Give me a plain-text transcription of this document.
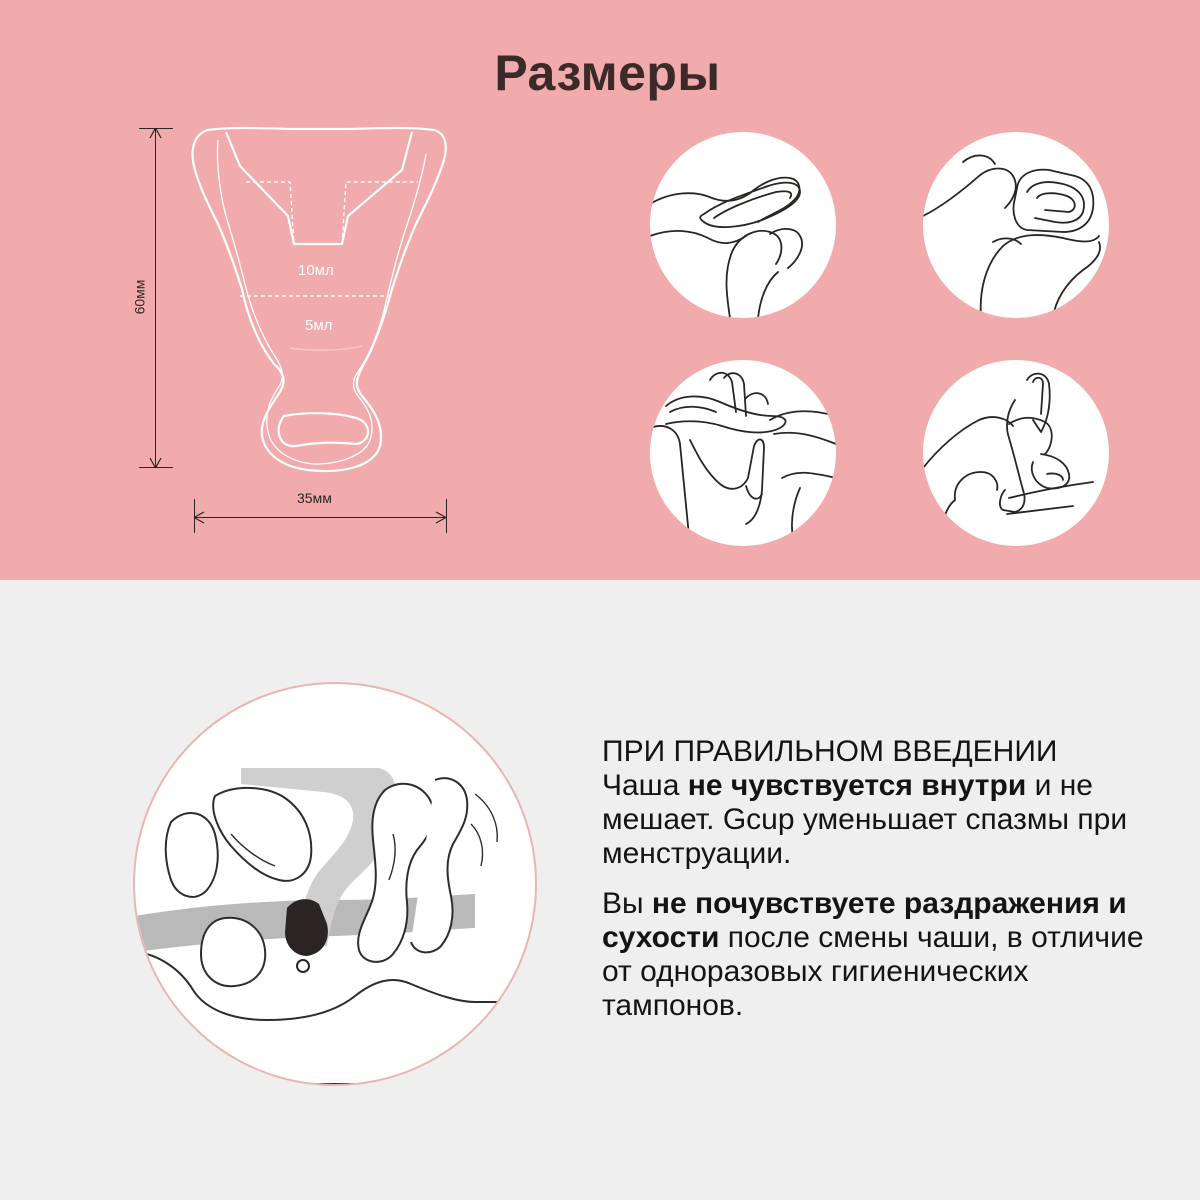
Размеры
60мм
35мм
10мл
5мл

ПРИ ПРАВИЛЬНОМ ВВЕДЕНИИ
Чаша не чувствуется внутри и не мешает. Gcup уменьшает спазмы при менструации.

Вы не почувствуете раздражения и сухости после смены чаши, в отличие от одноразовых гигиенических тампонов.
